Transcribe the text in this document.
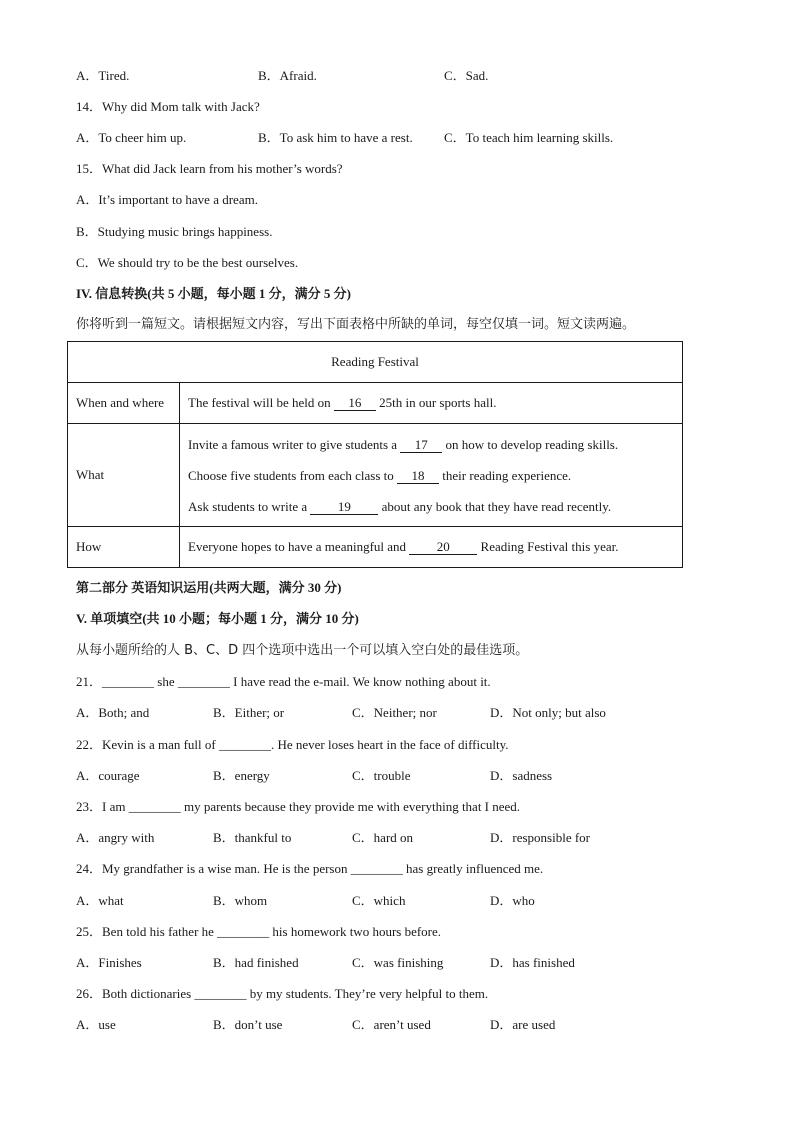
A．Tired.	B．Afraid.	C．Sad.
14．Why did Mom talk with Jack?
A．To cheer him up.	B．To ask him to have a rest. C．To teach him learning skills.
15．What did Jack learn from his mother’s words?
A．It’s important to have a dream.
B．Studying music brings happiness.
C．We should try to be the best ourselves.
IV. 信息转换(共 5 小题，每小题 1 分，满分 5 分)
你将听到一篇短文。请根据短文内容，写出下面表格中所缺的单词，每空仅填一词。短文读两遍。
Reading Festival	
When and where	The festival will be held on 16 25th in our sports hall.
What	Invite a famous writer to give students a 17 on how to develop reading skills.
Choose five students from each class to 18 their reading experience.
Ask students to write a 19 about any book that they have read recently.

How	Everyone hopes to have a meaningful and 20 Reading Festival this year.
第二部分 英语知识运用(共两大题，满分 30 分)
V. 单项填空(共 10 小题；每小题 1 分，满分 10 分)
从每小题所给的人 B、C、D 四个选项中选出一个可以填入空白处的最佳选项。
21．________ she ________ I have read the e-mail. We know nothing about it.
A．Both; and	B．Either; or	C．Neither; nor	D．Not only; but also
22．Kevin is a man full of ________. He never loses heart in the face of difficulty.
A．courage	B．energy	C．trouble	D．sadness
23．I am ________ my parents because they provide me with everything that I need.
A．angry with	B．thankful to	C．hard on	D．responsible for
24．My grandfather is a wise man. He is the person ________ has greatly influenced me.
A．what	B．whom	C．which	D．who
25．Ben told his father he ________ his homework two hours before.
A．Finishes	B．had finished	C．was finishing	D．has finished
26．Both dictionaries ________ by my students. They’re very helpful to them.
A．use	B．don’t use	C．aren’t used	D．are used
